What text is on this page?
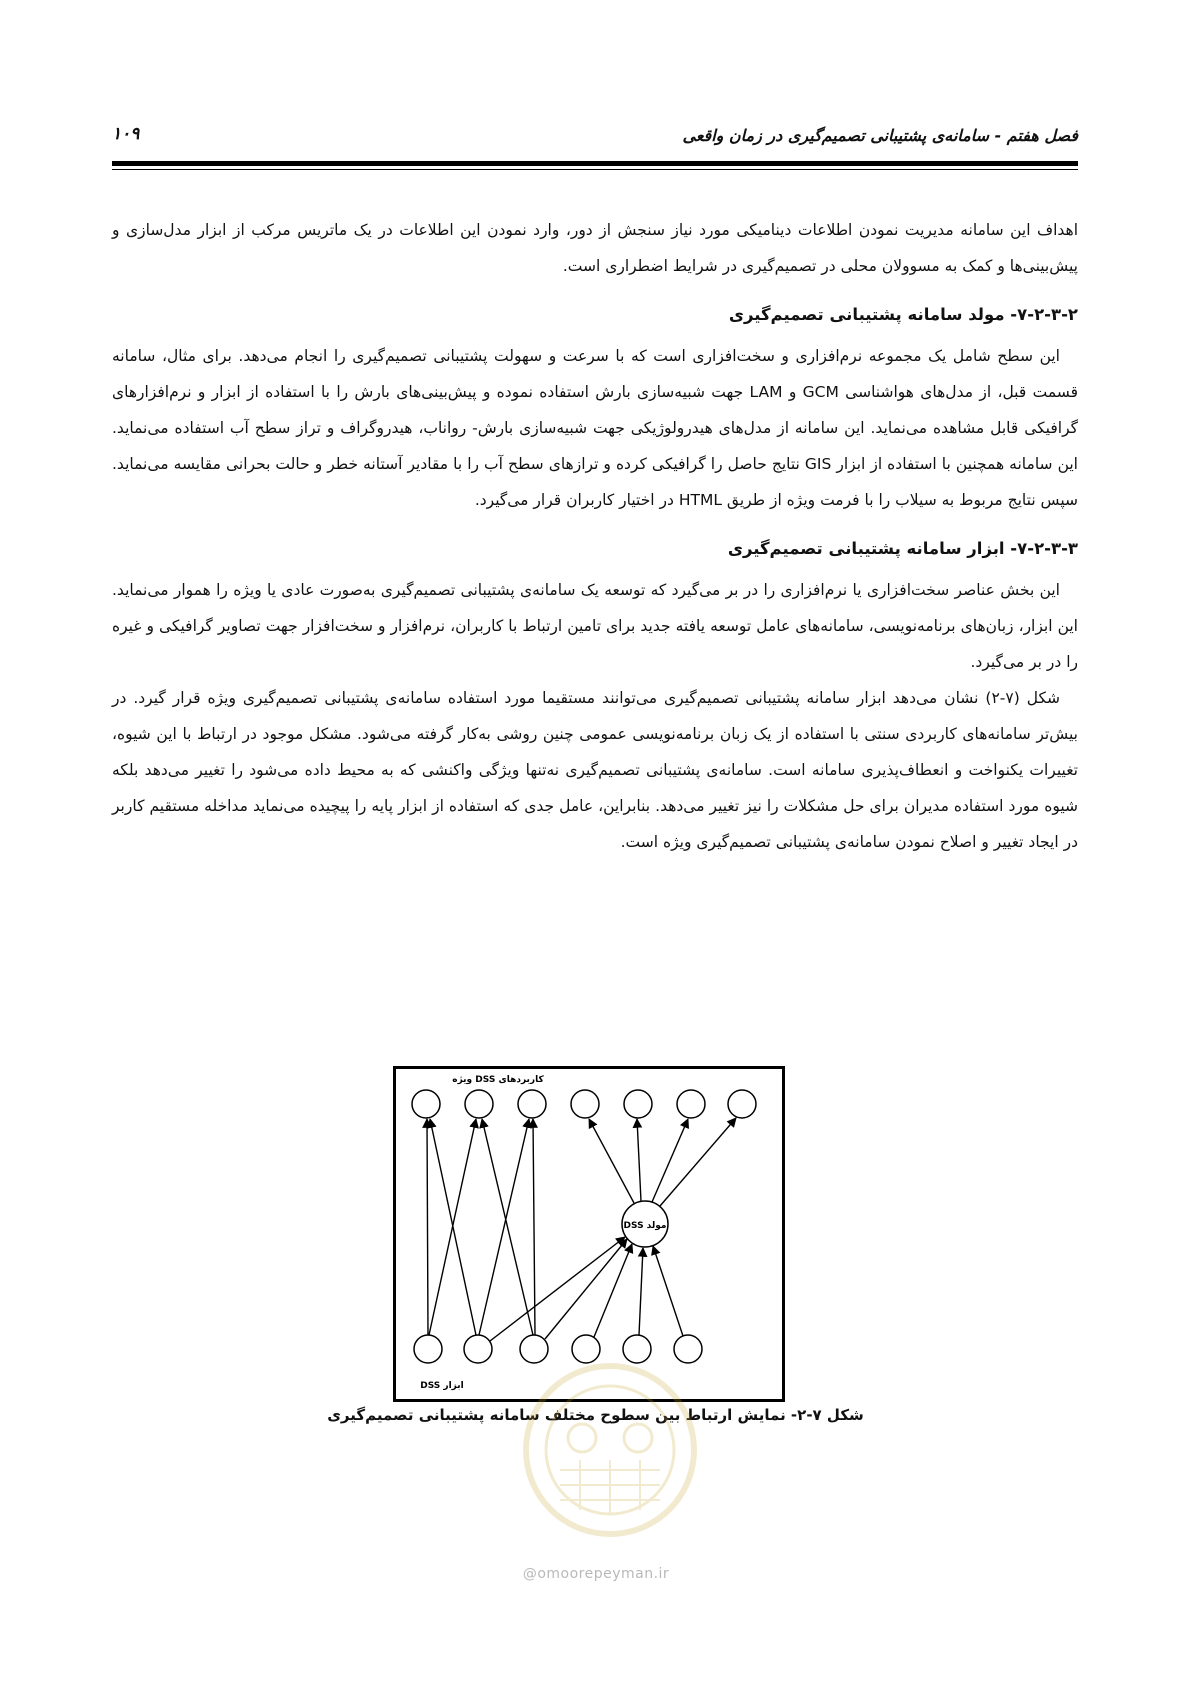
فصل هفتم - سامانه‌ی پشتیبانی تصمیم‌گیری در زمان واقعی
۱۰۹

اهداف این سامانه مدیریت نمودن اطلاعات دینامیکی مورد نیاز سنجش از دور، وارد نمودن این اطلاعات در یک ماتریس مرکب از ابزار مدل‌سازی و پیش‌بینی‌ها و کمک به مسوولان محلی در تصمیم‌گیری در شرایط اضطراری است.

۷-۲-۳-۲- مولد سامانه پشتیبانی تصمیم‌گیری

این سطح شامل یک مجموعه نرم‌افزاری و سخت‌افزاری است که با سرعت و سهولت پشتیبانی تصمیم‌گیری را انجام می‌دهد. برای مثال، سامانه قسمت قبل، از مدل‌های هواشناسی GCM و LAM جهت شبیه‌سازی بارش استفاده نموده و پیش‌بینی‌های بارش را با استفاده از ابزار و نرم‌افزارهای گرافیکی قابل مشاهده می‌نماید. این سامانه از مدل‌های هیدرولوژیکی جهت شبیه‌سازی بارش- رواناب، هیدروگراف و تراز سطح آب استفاده می‌نماید. این سامانه همچنین با استفاده از ابزار GIS نتایج حاصل را گرافیکی کرده و ترازهای سطح آب را با مقادیر آستانه خطر و حالت بحرانی مقایسه می‌نماید. سپس نتایج مربوط به سیلاب را با فرمت ویژه از طریق HTML در اختیار کاربران قرار می‌گیرد.

۷-۲-۳-۳- ابزار سامانه پشتیبانی تصمیم‌گیری

این بخش عناصر سخت‌افزاری یا نرم‌افزاری را در بر می‌گیرد که توسعه یک سامانه‌ی پشتیبانی تصمیم‌گیری به‌صورت عادی یا ویژه را هموار می‌نماید. این ابزار، زبان‌های برنامه‌نویسی، سامانه‌های عامل توسعه یافته جدید برای تامین ارتباط با کاربران، نرم‌افزار و سخت‌افزار جهت تصاویر گرافیکی و غیره را در بر می‌گیرد.

شکل (۷-۲) نشان می‌دهد ابزار سامانه پشتیبانی تصمیم‌گیری می‌توانند مستقیما مورد استفاده سامانه‌ی پشتیبانی تصمیم‌گیری ویژه قرار گیرد. در بیش‌تر سامانه‌های کاربردی سنتی با استفاده از یک زبان برنامه‌نویسی عمومی چنین روشی به‌کار گرفته می‌شود. مشکل موجود در ارتباط با این شیوه، تغییرات یکنواخت و انعطاف‌پذیری سامانه است. سامانه‌ی پشتیبانی تصمیم‌گیری نه‌تنها ویژگی واکنشی که به محیط داده می‌شود را تغییر می‌دهد بلکه شیوه مورد استفاده مدیران برای حل مشکلات را نیز تغییر می‌دهد. بنابراین، عامل جدی که استفاده از ابزار پایه را پیچیده می‌نماید مداخله مستقیم کاربر در ایجاد تغییر و اصلاح نمودن سامانه‌ی پشتیبانی تصمیم‌گیری ویژه است.

کاربردهای DSS ویژه
مولد DSS
ابزار DSS
شکل ۷-۲- نمایش ارتباط بین سطوح مختلف سامانه پشتیبانی تصمیم‌گیری
@omoorepeyman.ir
